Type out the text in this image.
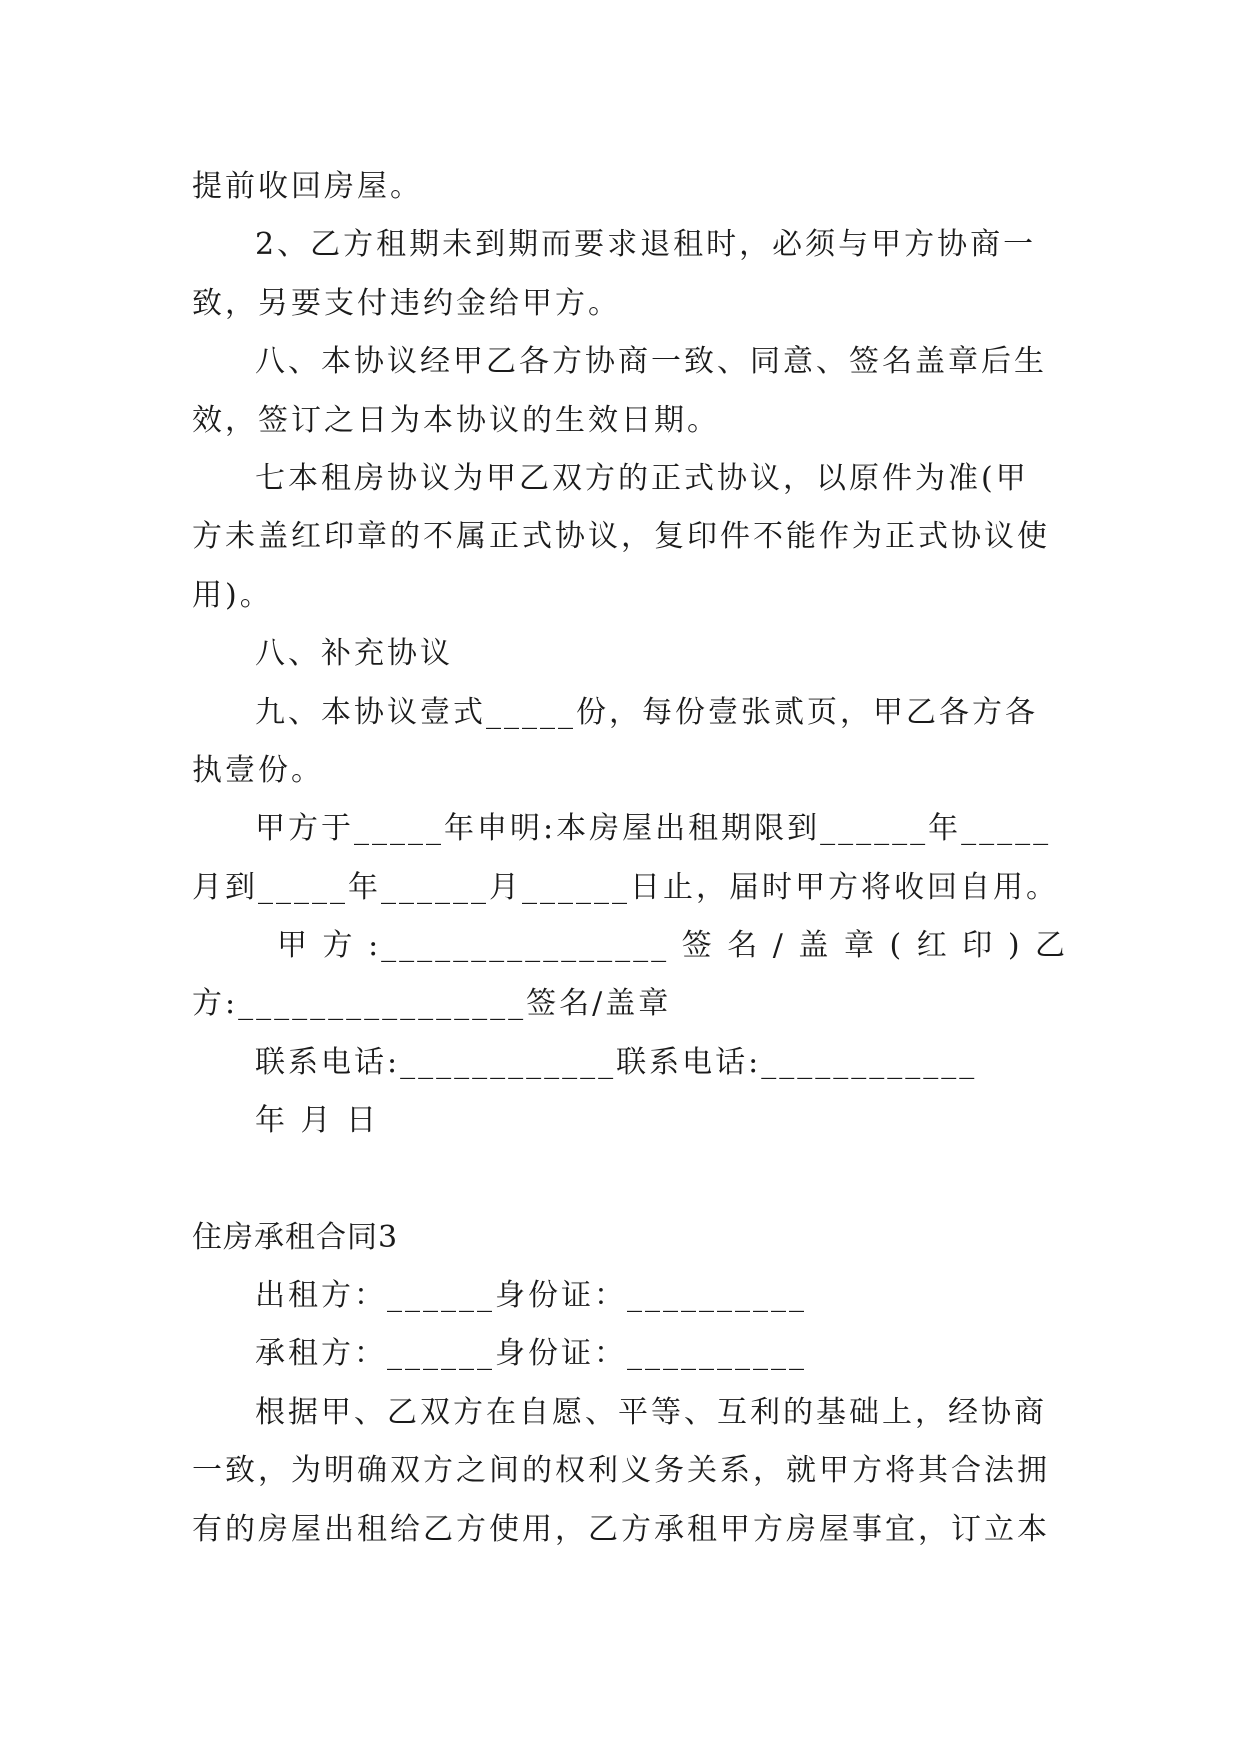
提前收回房屋。
2、乙方租期未到期而要求退租时，必须与甲方协商一
致，另要支付违约金给甲方。
八、本协议经甲乙各方协商一致、同意、签名盖章后生
效，签订之日为本协议的生效日期。
七本租房协议为甲乙双方的正式协议，以原件为准(甲
方未盖红印章的不属正式协议，复印件不能作为正式协议使
用)。
八、补充协议
九、本协议壹式_____份，每份壹张贰页，甲乙各方各
执壹份。
甲方于_____年申明:本房屋出租期限到______年_____
月到_____年______月______日止，届时甲方将收回自用。
甲 方 :________________ 签 名 / 盖 章 ( 红 印 ) 乙
方:________________签名/盖章
联系电话:____________联系电话:____________
年 月 日
住房承租合同3
出租方：______身份证：__________
承租方：______身份证：__________
根据甲、乙双方在自愿、平等、互利的基础上，经协商
一致，为明确双方之间的权利义务关系，就甲方将其合法拥
有的房屋出租给乙方使用，乙方承租甲方房屋事宜，订立本
